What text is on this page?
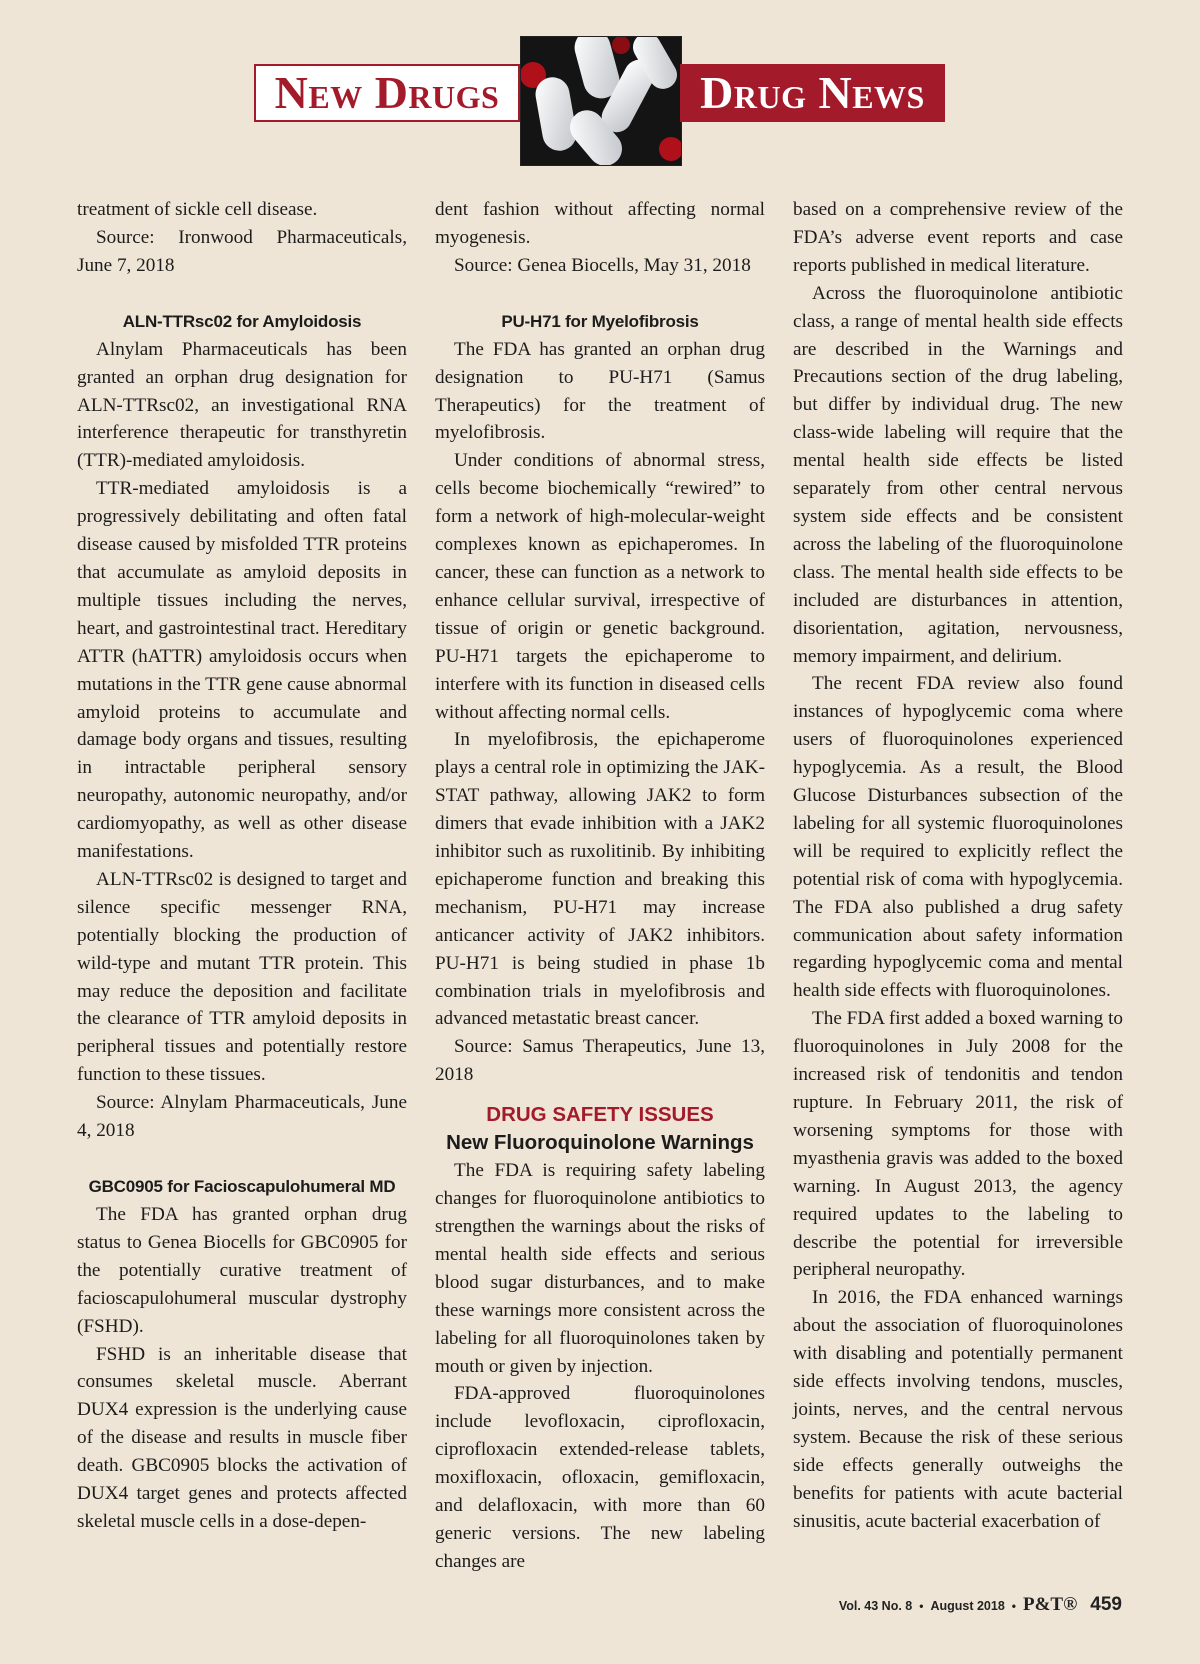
New Drugs	Drug News

treatment of sickle cell disease.

Source: Ironwood Pharmaceuticals, June 7, 2018

ALN-TTRsc02 for Amyloidosis

Alnylam Pharmaceuticals has been granted an orphan drug designation for ALN-TTRsc02, an investigational RNA interference therapeutic for transthyretin (TTR)-mediated amyloidosis.

TTR-mediated amyloidosis is a progressively debilitating and often fatal disease caused by misfolded TTR proteins that accumulate as amyloid deposits in multiple tissues including the nerves, heart, and gastrointestinal tract. Hereditary ATTR (hATTR) amyloidosis occurs when mutations in the TTR gene cause abnormal amyloid proteins to accumulate and damage body organs and tissues, resulting in intractable peripheral sensory neuropathy, autonomic neuropathy, and/or cardiomyopathy, as well as other disease manifestations.

ALN-TTRsc02 is designed to target and silence specific messenger RNA, potentially blocking the production of wild-type and mutant TTR protein. This may reduce the deposition and facilitate the clearance of TTR amyloid deposits in peripheral tissues and potentially restore function to these tissues.

Source: Alnylam Pharmaceuticals, June 4, 2018

GBC0905 for Facioscapulohumeral MD

The FDA has granted orphan drug status to Genea Biocells for GBC0905 for the potentially curative treatment of facioscapulohumeral muscular dystrophy (FSHD).

FSHD is an inheritable disease that consumes skeletal muscle. Aberrant DUX4 expression is the underlying cause of the disease and results in muscle fiber death. GBC0905 blocks the activation of DUX4 target genes and protects affected skeletal muscle cells in a dose-depen-

dent fashion without affecting normal myogenesis.

Source: Genea Biocells, May 31, 2018

PU-H71 for Myelofibrosis

The FDA has granted an orphan drug designation to PU-H71 (Samus Therapeutics) for the treatment of myelofibrosis.

Under conditions of abnormal stress, cells become biochemically “rewired” to form a network of high-molecular-weight complexes known as epichaperomes. In cancer, these can function as a network to enhance cellular survival, irrespective of tissue of origin or genetic background. PU-H71 targets the epichaperome to interfere with its function in diseased cells without affecting normal cells.

In myelofibrosis, the epichaperome plays a central role in optimizing the JAK-STAT pathway, allowing JAK2 to form dimers that evade inhibition with a JAK2 inhibitor such as ruxolitinib. By inhibiting epichaperome function and breaking this mechanism, PU-H71 may increase anticancer activity of JAK2 inhibitors. PU-H71 is being studied in phase 1b combination trials in myelofibrosis and advanced metastatic breast cancer.

Source: Samus Therapeutics, June 13, 2018

DRUG SAFETY ISSUES
New Fluoroquinolone Warnings

The FDA is requiring safety labeling changes for fluoroquinolone antibiotics to strengthen the warnings about the risks of mental health side effects and serious blood sugar disturbances, and to make these warnings more consistent across the labeling for all fluoroquinolones taken by mouth or given by injection.

FDA-approved fluoroquinolones include levofloxacin, ciprofloxacin, ciprofloxacin extended-release tablets, moxifloxacin, ofloxacin, gemifloxacin, and delafloxacin, with more than 60 generic versions. The new labeling changes are

based on a comprehensive review of the FDA’s adverse event reports and case reports published in medical literature.

Across the fluoroquinolone antibiotic class, a range of mental health side effects are described in the Warnings and Precautions section of the drug labeling, but differ by individual drug. The new class-wide labeling will require that the mental health side effects be listed separately from other central nervous system side effects and be consistent across the labeling of the fluoroquinolone class. The mental health side effects to be included are disturbances in attention, disorientation, agitation, nervousness, memory impairment, and delirium.

The recent FDA review also found instances of hypoglycemic coma where users of fluoroquinolones experienced hypoglycemia. As a result, the Blood Glucose Disturbances subsection of the labeling for all systemic fluoroquinolones will be required to explicitly reflect the potential risk of coma with hypoglycemia. The FDA also published a drug safety communication about safety information regarding hypoglycemic coma and mental health side effects with fluoroquinolones.

The FDA first added a boxed warning to fluoroquinolones in July 2008 for the increased risk of tendonitis and tendon rupture. In February 2011, the risk of worsening symptoms for those with myasthenia gravis was added to the boxed warning. In August 2013, the agency required updates to the labeling to describe the potential for irreversible peripheral neuropathy.

In 2016, the FDA enhanced warnings about the association of fluoroquinolones with disabling and potentially permanent side effects involving tendons, muscles, joints, nerves, and the central nervous system. Because the risk of these serious side effects generally outweighs the benefits for patients with acute bacterial sinusitis, acute bacterial exacerbation of

Vol. 43 No. 8 • August 2018 • P&T® 459
